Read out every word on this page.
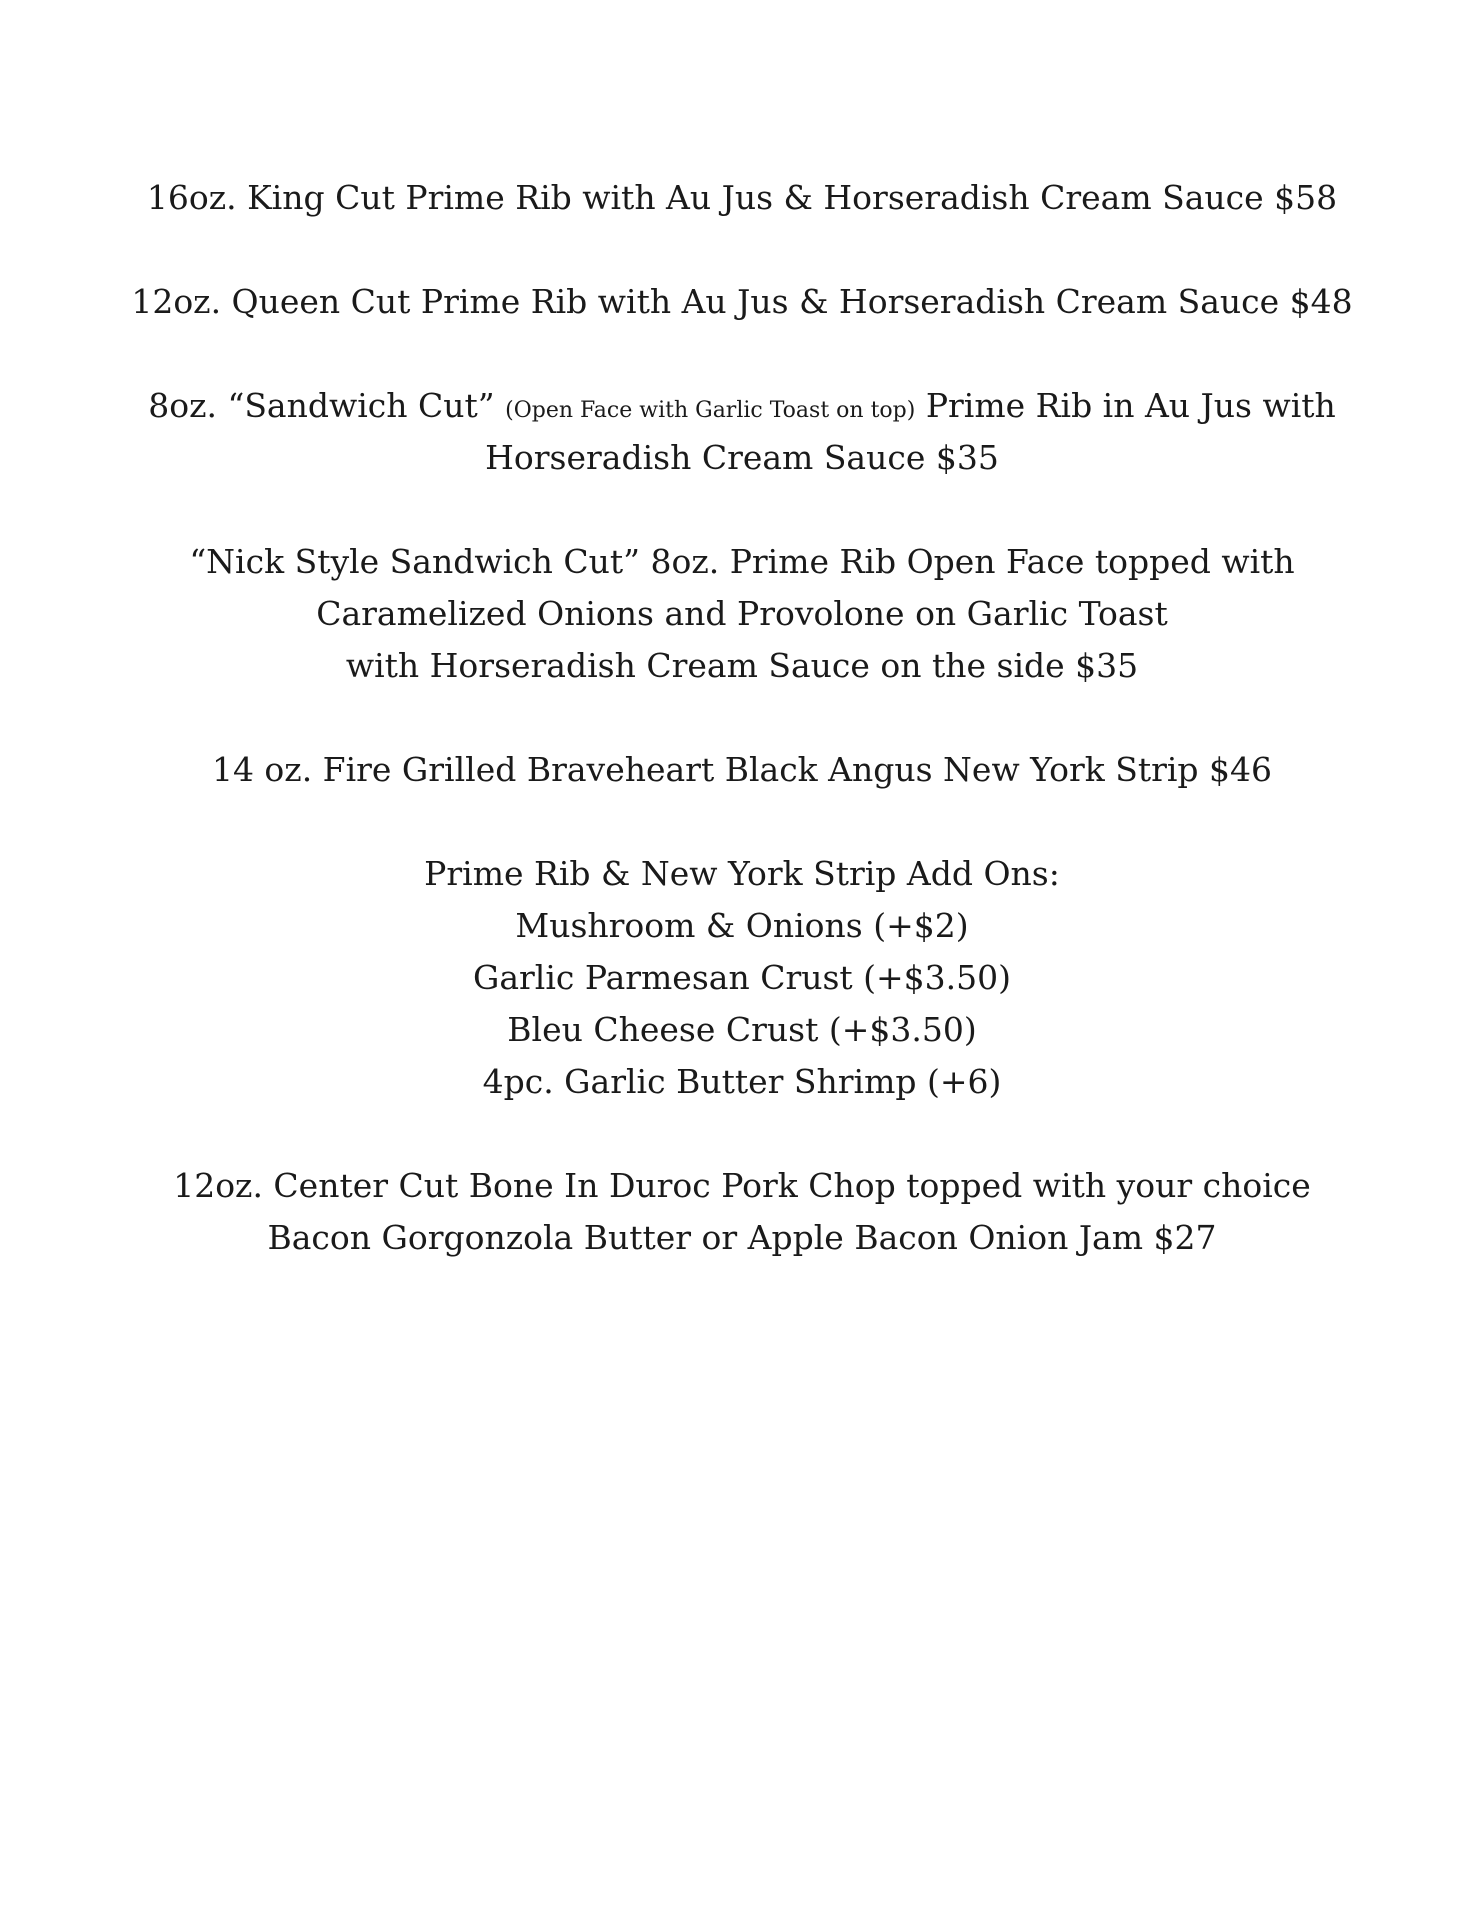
16oz. King Cut Prime Rib with Au Jus & Horseradish Cream Sauce $58
12oz. Queen Cut Prime Rib with Au Jus & Horseradish Cream Sauce $48
8oz. “Sandwich Cut” (Open Face with Garlic Toast on top) Prime Rib in Au Jus with
Horseradish Cream Sauce $35
“Nick Style Sandwich Cut” 8oz. Prime Rib Open Face topped with
Caramelized Onions and Provolone on Garlic Toast
with Horseradish Cream Sauce on the side $35
14 oz. Fire Grilled Braveheart Black Angus New York Strip $46
Prime Rib & New York Strip Add Ons:
Mushroom & Onions (+$2)
Garlic Parmesan Crust (+$3.50)
Bleu Cheese Crust (+$3.50)
4pc. Garlic Butter Shrimp (+6)
12oz. Center Cut Bone In Duroc Pork Chop topped with your choice
Bacon Gorgonzola Butter or Apple Bacon Onion Jam $27
